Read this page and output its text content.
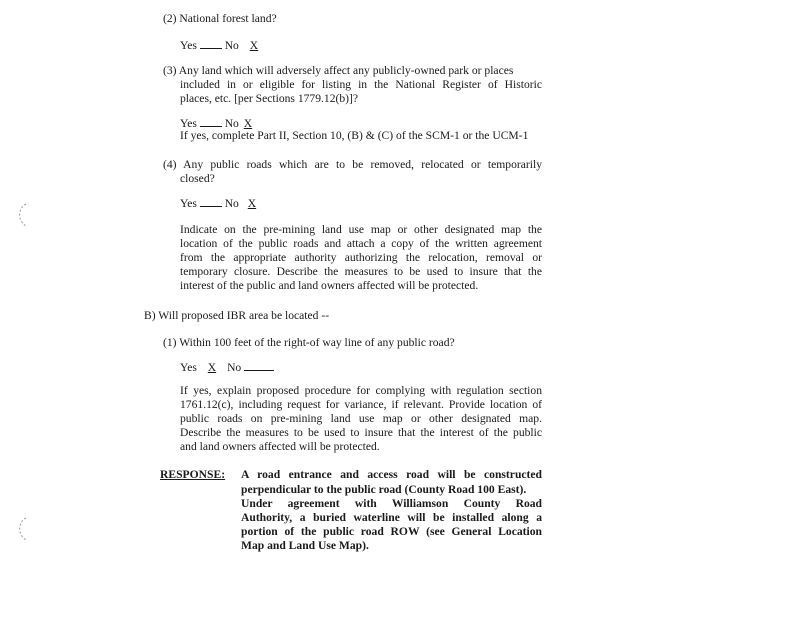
(2) National forest land?
Yes No X
(3) Any land which will adversely affect any publicly-owned park or places
included in or eligible for listing in the National Register of Historic
places, etc. [per Sections 1779.12(b)]?
Yes No X
If yes, complete Part II, Section 10, (B) & (C) of the SCM-1 or the UCM-1
(4) Any public roads which are to be removed, relocated or temporarily
closed?
Yes No X
Indicate on the pre-mining land use map or other designated map the
location of the public roads and attach a copy of the written agreement
from the appropriate authority authorizing the relocation, removal or
temporary closure. Describe the measures to be used to insure that the
interest of the public and land owners affected will be protected.
B) Will proposed IBR area be located --
(1) Within 100 feet of the right-of way line of any public road?
Yes X No
If yes, explain proposed procedure for complying with regulation section
1761.12(c), including request for variance, if relevant. Provide location of
public roads on pre-mining land use map or other designated map.
Describe the measures to be used to insure that the interest of the public
and land owners affected will be protected.
RESPONSE: A road entrance and access road will be constructed
perpendicular to the public road (County Road 100 East).
Under agreement with Williamson County Road
Authority, a buried waterline will be installed along a
portion of the public road ROW (see General Location
Map and Land Use Map).
